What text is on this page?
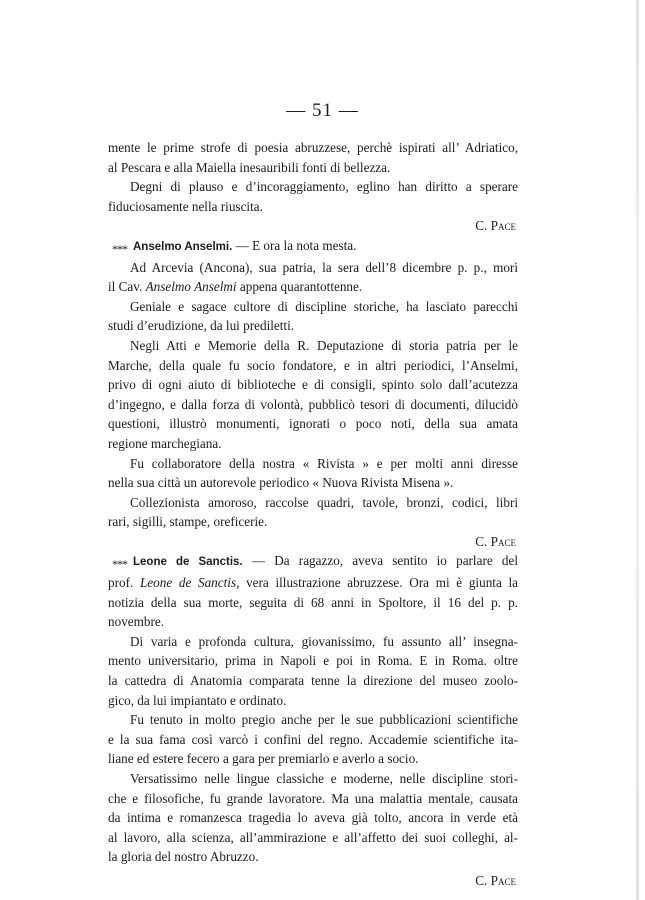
— 51 —

mente le prime strofe di poesia abruzzese, perchè ispirati all’ Adriatico,

al Pescara e alla Maiella inesauribili fonti di bellezza.

Degni di plauso e d’incoraggiamento, eglino han diritto a sperare

fiduciosamente nella riuscita.

C. Pace

*** Anselmo Anselmi. — E ora la nota mesta.

Ad Arcevia (Ancona), sua patria, la sera dell’8 dicembre p. p., morì

il Cav. Anselmo Anselmi appena quarantottenne.

Geniale e sagace cultore di discipline storiche, ha lasciato parecchi

studi d’erudizione, da lui prediletti.

Negli Atti e Memorie della R. Deputazione di storia patria per le

Marche, della quale fu socio fondatore, e in altri periodici, l’Anselmi,

privo di ogni aiuto di biblioteche e di consigli, spinto solo dall’acutezza

d’ingegno, e dalla forza di volontà, pubblicò tesori di documenti, dilucidò

questioni, illustrò monumenti, ignorati o poco noti, della sua amata

regione marchegiana.

Fu collaboratore della nostra « Rivista » e per molti anni diresse

nella sua città un autorevole periodico « Nuova Rivista Misena ».

Collezionista amoroso, raccolse quadri, tavole, bronzi, codici, libri

rari, sigilli, stampe, oreficerie.

C. Pace

*** Leone de Sanctis. — Da ragazzo, aveva sentito io parlare del

prof. Leone de Sanctis, vera illustrazione abruzzese. Ora mi è giunta la

notizia della sua morte, seguita di 68 anni in Spoltore, il 16 del p. p.

novembre.

Di varia e profonda cultura, giovanissimo, fu assunto all’ insegna-

mento universitario, prima in Napoli e poi in Roma. E in Roma. oltre

la cattedra di Anatomia comparata tenne la direzione del museo zoolo-

gico, da lui impiantato e ordinato.

Fu tenuto in molto pregio anche per le sue pubblicazioni scientifiche

e la sua fama così varcò i confini del regno. Accademie scientifiche ita-

liane ed estere fecero a gara per premiarlo e averlo a socio.

Versatissimo nelle lingue classiche e moderne, nelle discipline stori-

che e filosofiche, fu grande lavoratore. Ma una malattia mentale, causata

da intima e romanzesca tragedia lo aveva già tolto, ancora in verde età

al lavoro, alla scienza, all’ammirazione e all’affetto dei suoi colleghi, al-

la gloria del nostro Abruzzo.

C. Pace
